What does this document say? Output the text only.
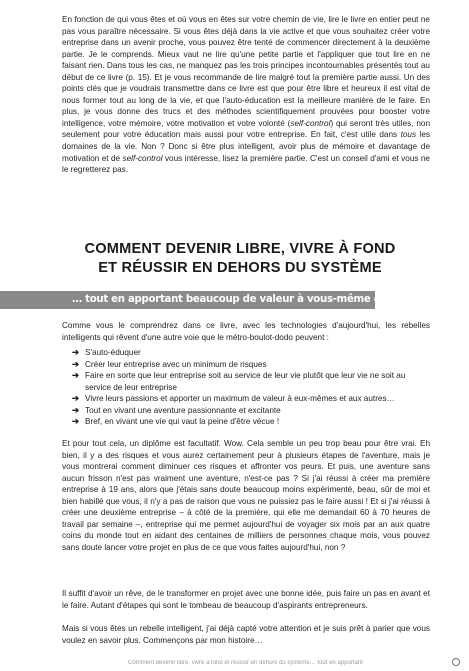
En fonction de qui vous êtes et où vous en êtes sur votre chemin de vie, lire le livre en entier peut ne pas vous paraître nécessaire. Si vous êtes déjà dans la vie active et que vous souhaitez créer votre entreprise dans un avenir proche, vous pouvez être tenté de commencer directement à la deuxième partie. Je le comprends. Mieux vaut ne lire qu'une petite partie et l'appliquer que tout lire en ne faisant rien. Dans tous les cas, ne manquez pas les trois principes incontournables présentés tout au début de ce livre (p. 15). Et je vous recommande de lire malgré tout la première partie aussi. Un des points clés que je voudrais transmettre dans ce livre est que pour être libre et heureux il est vital de nous former tout au long de la vie, et que l'auto-éducation est la meilleure manière de le faire. En plus, je vous donne des trucs et des méthodes scientifiquement prouvées pour booster votre intelligence, votre mémoire, votre motivation et votre volonté (self-control) qui seront très utiles, non seulement pour votre éducation mais aussi pour votre entreprise. En fait, c'est utile dans tous les domaines de la vie. Non ? Donc si être plus intelligent, avoir plus de mémoire et davantage de motivation et de self-control vous intéresse, lisez la première partie. C'est un conseil d'ami et vous ne le regretterez pas.

COMMENT DEVENIR LIBRE, VIVRE À FOND
ET RÉUSSIR EN DEHORS DU SYSTÈME
… tout en apportant beaucoup de valeur à vous-même et aux autres

Comme vous le comprendrez dans ce livre, avec les technologies d'aujourd'hui, les rebelles intelligents qui rêvent d'une autre voie que le métro-boulot-dodo peuvent :

➔ S'auto-éduquer
➔ Créer leur entreprise avec un minimum de risques
➔ Faire en sorte que leur entreprise soit au service de leur vie plutôt que leur vie ne soit au service de leur entreprise
➔ Vivre leurs passions et apporter un maximum de valeur à eux-mêmes et aux autres…
➔ Tout en vivant une aventure passionnante et excitante
➔ Bref, en vivant une vie qui vaut la peine d'être vécue !

Et pour tout cela, un diplôme est facultatif. Wow. Cela semble un peu trop beau pour être vrai. Eh bien, il y a des risques et vous aurez certainement peur à plusieurs étapes de l'aventure, mais je vous montrerai comment diminuer ces risques et affronter vos peurs. Et puis, une aventure sans aucun frisson n'est pas vraiment une aventure, n'est-ce pas ? Si j'ai réussi à créer ma première entreprise à 19 ans, alors que j'étais sans doute beaucoup moins expérimenté, beau, sûr de moi et bien habillé que vous, il n'y a pas de raison que vous ne puissiez pas le faire aussi ! Et si j'ai réussi à créer une deuxième entreprise – à côté de la première, qui elle me demandait 60 à 70 heures de travail par semaine –, entreprise qui me permet aujourd'hui de voyager six mois par an aux quatre coins du monde tout en aidant des centaines de milliers de personnes chaque mois, vous pouvez sans doute lancer votre projet en plus de ce que vous faites aujourd'hui, non ?

Il suffit d'avoir un rêve, de le transformer en projet avec une bonne idée, puis faire un pas en avant et le faire. Autant d'étapes qui sont le tombeau de beaucoup d'aspirants entrepreneurs.

Mais si vous êtes un rebelle intelligent, j'ai déjà capté votre attention et je suis prêt à parier que vous voulez en savoir plus. Commençons par mon histoire…

Comment devenir libre, vivre à fond et réussir en dehors du système… tout en apportant
